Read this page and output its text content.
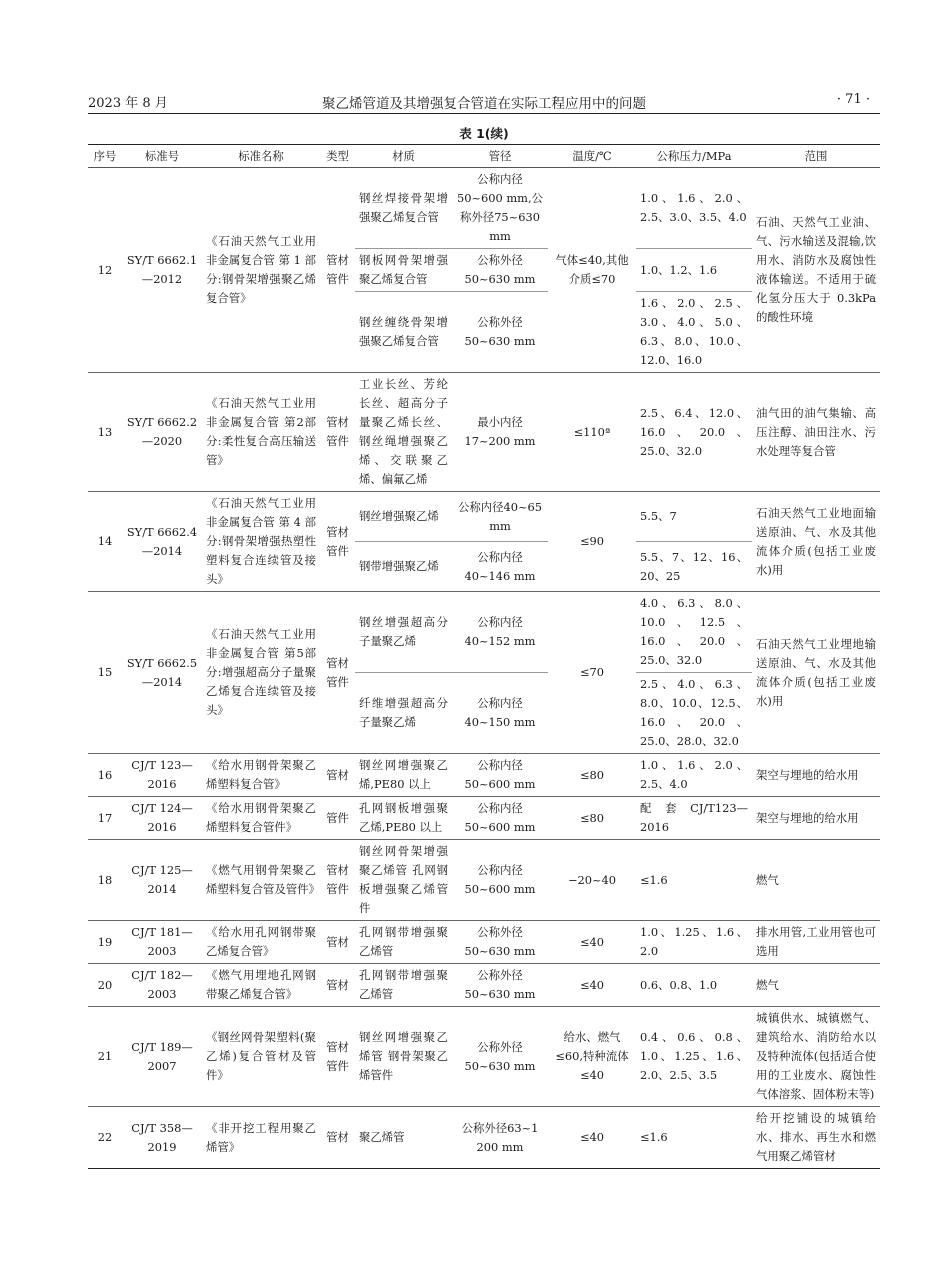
2023 年 8 月	聚乙烯管道及其增强复合管道在实际工程应用中的问题	· 71 ·
表 1(续)
序号	标准号	标准名称	类型	材质	管径	温度/℃	公称压力/MPa	范围
12	SY/T 6662.1—2012	《石油天然气工业用非金属复合管 第 1 部分:钢骨架增强聚乙烯复合管》	管材管件	钢丝焊接骨架增强聚乙烯复合管	公称内径50~600 mm,公称外径75~630 mm	气体≤40,其他介质≤70	1.0、1.6、2.0、2.5、3.0、3.5、4.0	石油、天然气工业油、气、污水输送及混输,饮用水、消防水及腐蚀性液体输送。不适用于硫化氢分压大于 0.3kPa 的酸性环境
				钢板网骨架增强聚乙烯复合管	公称外径50~630 mm		1.0、1.2、1.6	
				钢丝缠绕骨架增强聚乙烯复合管	公称外径50~630 mm		1.6、2.0、2.5、3.0、4.0、5.0、6.3、8.0、10.0、12.0、16.0	
13	SY/T 6662.2—2020	《石油天然气工业用非金属复合管 第2部分:柔性复合高压输送管》	管材管件	工业长丝、芳纶长丝、超高分子量聚乙烯长丝、钢丝绳增强聚乙烯、交联聚乙烯、偏氟乙烯	最小内径17~200 mm	≤110ª	2.5、6.4、12.0、16.0、20.0、25.0、32.0	油气田的油气集输、高压注醇、油田注水、污水处理等复合管
14	SY/T 6662.4—2014	《石油天然气工业用非金属复合管 第 4 部分:钢骨架增强热塑性塑料复合连续管及接头》	管材管件	钢丝增强聚乙烯	公称内径40~65 mm	≤90	5.5、7	石油天然气工业地面输送原油、气、水及其他流体介质(包括工业废水)用
				钢带增强聚乙烯	公称内径40~146 mm		5.5、7、12、16、20、25	
15	SY/T 6662.5—2014	《石油天然气工业用非金属复合管 第5部分:增强超高分子量聚乙烯复合连续管及接头》	管材管件	钢丝增强超高分子量聚乙烯	公称内径40~152 mm	≤70	4.0、6.3、8.0、10.0、12.5、16.0、20.0、25.0、32.0	石油天然气工业埋地输送原油、气、水及其他流体介质(包括工业废水)用
				纤维增强超高分子量聚乙烯	公称内径40~150 mm		2.5、4.0、6.3、8.0、10.0、12.5、16.0、20.0、25.0、28.0、32.0	
16	CJ/T 123—2016	《给水用钢骨架聚乙烯塑料复合管》	管材	钢丝网增强聚乙烯,PE80 以上	公称内径50~600 mm	≤80	1.0、1.6、2.0、2.5、4.0	架空与埋地的给水用
17	CJ/T 124—2016	《给水用钢骨架聚乙烯塑料复合管件》	管件	孔网钢板增强聚乙烯,PE80 以上	公称内径50~600 mm	≤80	配套CJ/T123—2016	架空与埋地的给水用
18	CJ/T 125—2014	《燃气用钢骨架聚乙烯塑料复合管及管件》	管材管件	钢丝网骨架增强聚乙烯管 孔网钢板增强聚乙烯管件	公称内径50~600 mm	−20~40	≤1.6	燃气
19	CJ/T 181—2003	《给水用孔网钢带聚乙烯复合管》	管材	孔网钢带增强聚乙烯管	公称外径50~630 mm	≤40	1.0、1.25、1.6、2.0	排水用管,工业用管也可选用
20	CJ/T 182—2003	《燃气用埋地孔网钢带聚乙烯复合管》	管材	孔网钢带增强聚乙烯管	公称外径50~630 mm	≤40	0.6、0.8、1.0	燃气
21	CJ/T 189—2007	《钢丝网骨架塑料(聚乙烯)复合管材及管件》	管材管件	钢丝网增强聚乙烯管 钢骨架聚乙烯管件	公称外径50~630 mm	给水、燃气≤60,特种流体≤40	0.4、0.6、0.8、1.0、1.25、1.6、2.0、2.5、3.5	城镇供水、城镇燃气、建筑给水、消防给水以及特种流体(包括适合使用的工业废水、腐蚀性气体溶浆、固体粉末等)
22	CJ/T 358—2019	《非开挖工程用聚乙烯管》	管材	聚乙烯管	公称外径63~1 200 mm	≤40	≤1.6	给开挖铺设的城镇给水、排水、再生水和燃气用聚乙烯管材
